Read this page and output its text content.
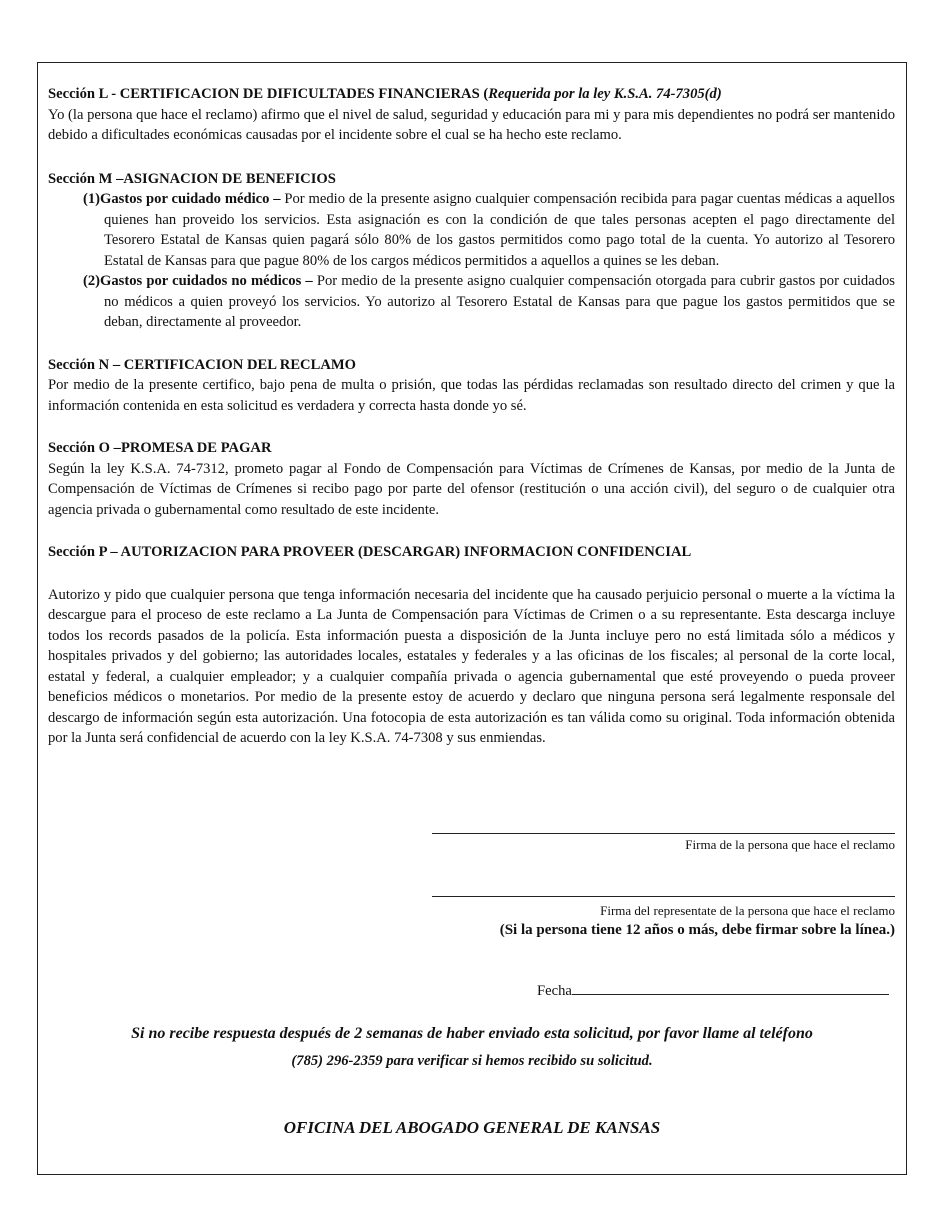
Sección L - CERTIFICACION DE DIFICULTADES FINANCIERAS (Requerida por la ley K.S.A. 74-7305(d)

Yo (la persona que hace el reclamo) afirmo que el nivel de salud, seguridad y educación para mi y para mis dependientes no podrá ser mantenido debido a dificultades económicas causadas por el incidente sobre el cual se ha hecho este reclamo.

Sección M –ASIGNACION DE BENEFICIOS

(1)Gastos por cuidado médico – Por medio de la presente asigno cualquier compensación recibida para pagar cuentas médicas a aquellos quienes han proveido los servicios. Esta asignación es con la condición de que tales personas acepten el pago directamente del Tesorero Estatal de Kansas quien pagará sólo 80% de los gastos permitidos como pago total de la cuenta. Yo autorizo al Tesorero Estatal de Kansas para que pague 80% de los cargos médicos permitidos a aquellos a quines se les deban.

(2)Gastos por cuidados no médicos – Por medio de la presente asigno cualquier compensación otorgada para cubrir gastos por cuidados no médicos a quien proveyó los servicios. Yo autorizo al Tesorero Estatal de Kansas para que pague los gastos permitidos que se deban, directamente al proveedor.

Sección N – CERTIFICACION DEL RECLAMO

Por medio de la presente certifico, bajo pena de multa o prisión, que todas las pérdidas reclamadas son resultado directo del crimen y que la información contenida en esta solicitud es verdadera y correcta hasta donde yo sé.

Sección O –PROMESA DE PAGAR

Según la ley K.S.A. 74-7312, prometo pagar al Fondo de Compensación para Víctimas de Crímenes de Kansas, por medio de la Junta de Compensación de Víctimas de Crímenes si recibo pago por parte del ofensor (restitución o una acción civil), del seguro o de cualquier otra agencia privada o gubernamental como resultado de este incidente.

Sección P – AUTORIZACION PARA PROVEER (DESCARGAR) INFORMACION CONFIDENCIAL

Autorizo y pido que cualquier persona que tenga información necesaria del incidente que ha causado perjuicio personal o muerte a la víctima la descargue para el proceso de este reclamo a La Junta de Compensación para Víctimas de Crimen o a su representante. Esta descarga incluye todos los records pasados de la policía. Esta información puesta a disposición de la Junta incluye pero no está limitada sólo a médicos y hospitales privados y del gobierno; las autoridades locales, estatales y federales y a las oficinas de los fiscales; al personal de la corte local, estatal y federal, a cualquier empleador; y a cualquier compañía privada o agencia gubernamental que esté proveyendo o pueda proveer beneficios médicos o monetarios. Por medio de la presente estoy de acuerdo y declaro que ninguna persona será legalmente responsale del descargo de información según esta autorización. Una fotocopia de esta autorización es tan válida como su original. Toda información obtenida por la Junta será confidencial de acuerdo con la ley K.S.A. 74-7308 y sus enmiendas.

Firma de la persona que hace el reclamo
Firma del representate de la persona que hace el reclamo
(Si la persona tiene 12 años o más, debe firmar sobre la línea.)
Fecha
Si no recibe respuesta después de 2 semanas de haber enviado esta solicitud, por favor llame al teléfono
(785) 296-2359 para verificar si hemos recibido su solicitud.
OFICINA DEL ABOGADO GENERAL DE KANSAS
